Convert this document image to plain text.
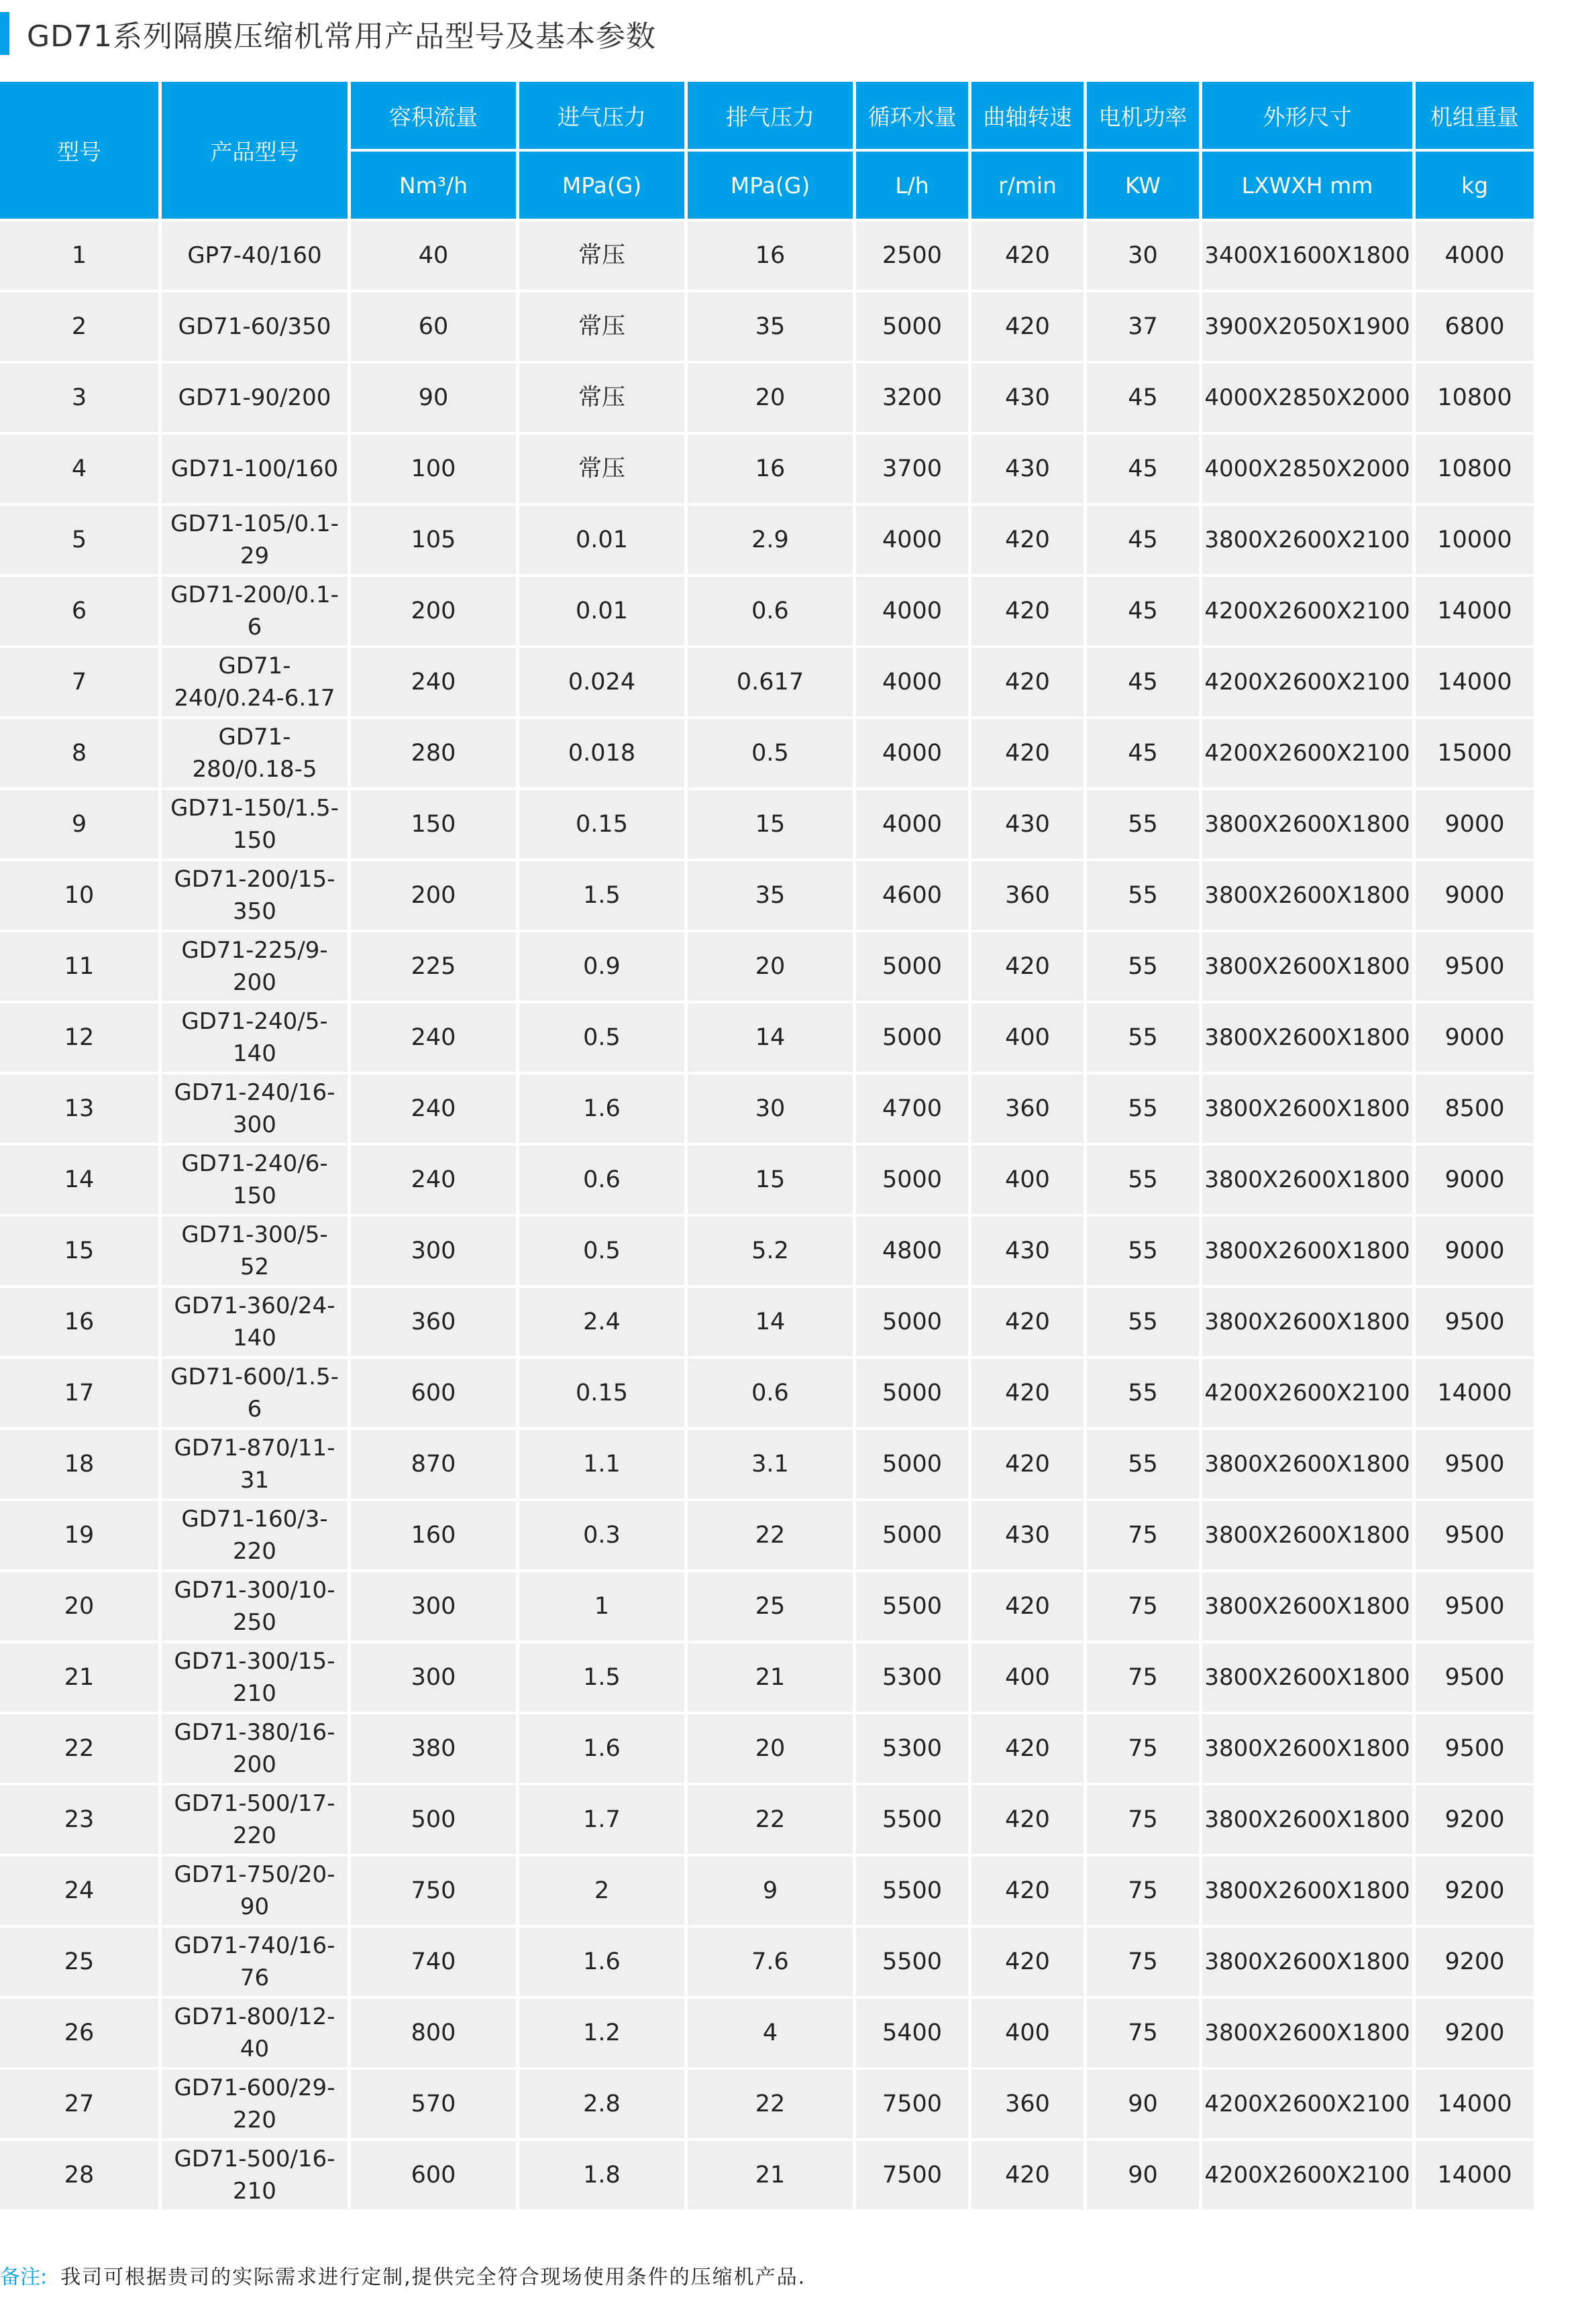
GD71系列隔膜压缩机常用产品型号及基本参数
型号	产品型号	容积流量	进气压力	排气压力	循环水量	曲轴转速	电机功率	外形尺寸	机组重量
		Nm³/h	MPa(G)	MPa(G)	L/h	r/min	KW	LXWXH mm	kg
1	GP7-40/160	40	常压	16	2500	420	30	3400X1600X1800	4000
2	GD71-60/350	60	常压	35	5000	420	37	3900X2050X1900	6800
3	GD71-90/200	90	常压	20	3200	430	45	4000X2850X2000	10800
4	GD71-100/160	100	常压	16	3700	430	45	4000X2850X2000	10800
5	GD71-105/0.1-29	105	0.01	2.9	4000	420	45	3800X2600X2100	10000
6	GD71-200/0.1-6	200	0.01	0.6	4000	420	45	4200X2600X2100	14000
7	GD71-240/0.24-6.17	240	0.024	0.617	4000	420	45	4200X2600X2100	14000
8	GD71-280/0.18-5	280	0.018	0.5	4000	420	45	4200X2600X2100	15000
9	GD71-150/1.5-150	150	0.15	15	4000	430	55	3800X2600X1800	9000
10	GD71-200/15-350	200	1.5	35	4600	360	55	3800X2600X1800	9000
11	GD71-225/9-200	225	0.9	20	5000	420	55	3800X2600X1800	9500
12	GD71-240/5-140	240	0.5	14	5000	400	55	3800X2600X1800	9000
13	GD71-240/16-300	240	1.6	30	4700	360	55	3800X2600X1800	8500
14	GD71-240/6-150	240	0.6	15	5000	400	55	3800X2600X1800	9000
15	GD71-300/5-52	300	0.5	5.2	4800	430	55	3800X2600X1800	9000
16	GD71-360/24-140	360	2.4	14	5000	420	55	3800X2600X1800	9500
17	GD71-600/1.5-6	600	0.15	0.6	5000	420	55	4200X2600X2100	14000
18	GD71-870/11-31	870	1.1	3.1	5000	420	55	3800X2600X1800	9500
19	GD71-160/3-220	160	0.3	22	5000	430	75	3800X2600X1800	9500
20	GD71-300/10-250	300	1	25	5500	420	75	3800X2600X1800	9500
21	GD71-300/15-210	300	1.5	21	5300	400	75	3800X2600X1800	9500
22	GD71-380/16-200	380	1.6	20	5300	420	75	3800X2600X1800	9500
23	GD71-500/17-220	500	1.7	22	5500	420	75	3800X2600X1800	9200
24	GD71-750/20-90	750	2	9	5500	420	75	3800X2600X1800	9200
25	GD71-740/16-76	740	1.6	7.6	5500	420	75	3800X2600X1800	9200
26	GD71-800/12-40	800	1.2	4	5400	400	75	3800X2600X1800	9200
27	GD71-600/29-220	570	2.8	22	7500	360	90	4200X2600X2100	14000
28	GD71-500/16-210	600	1.8	21	7500	420	90	4200X2600X2100	14000
备注: 我司可根据贵司的实际需求进行定制,提供完全符合现场使用条件的压缩机产品.
